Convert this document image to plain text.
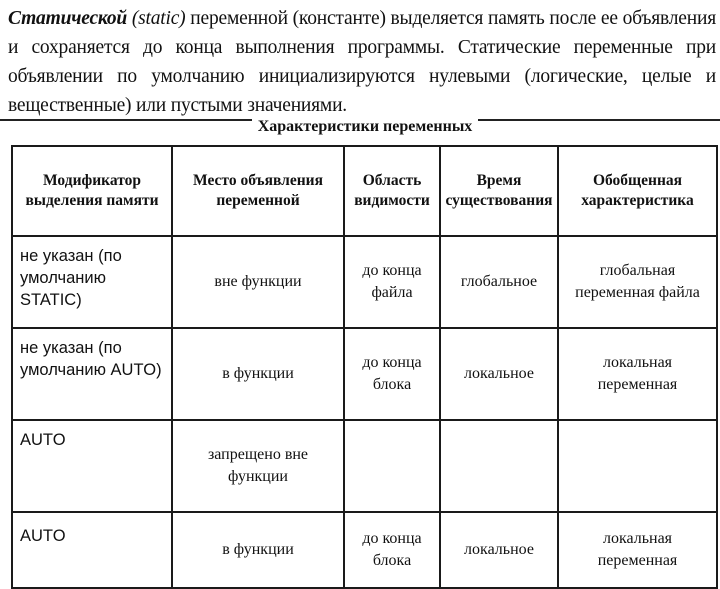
Статической (static) переменной (константе) выделяется память после ее объявления и сохраняется до конца выполнения программы. Статические переменные при объявлении по умолчанию инициализируются нулевыми (логические, целые и вещественные) или пустыми значениями.
Характеристики переменных
Модификатор выделения памяти	Место объявления переменной	Область видимости	Время существования	Обобщенная характеристика
не указан (по умолчанию STATIC)	вне функции	до конца файла	глобальное	глобальная переменная файла
не указан (по умолчанию AUTO)	в функции	до конца блока	локальное	локальная переменная
AUTO	запрещено вне функции			
AUTO	в функции	до конца блока	локальное	локальная переменная
